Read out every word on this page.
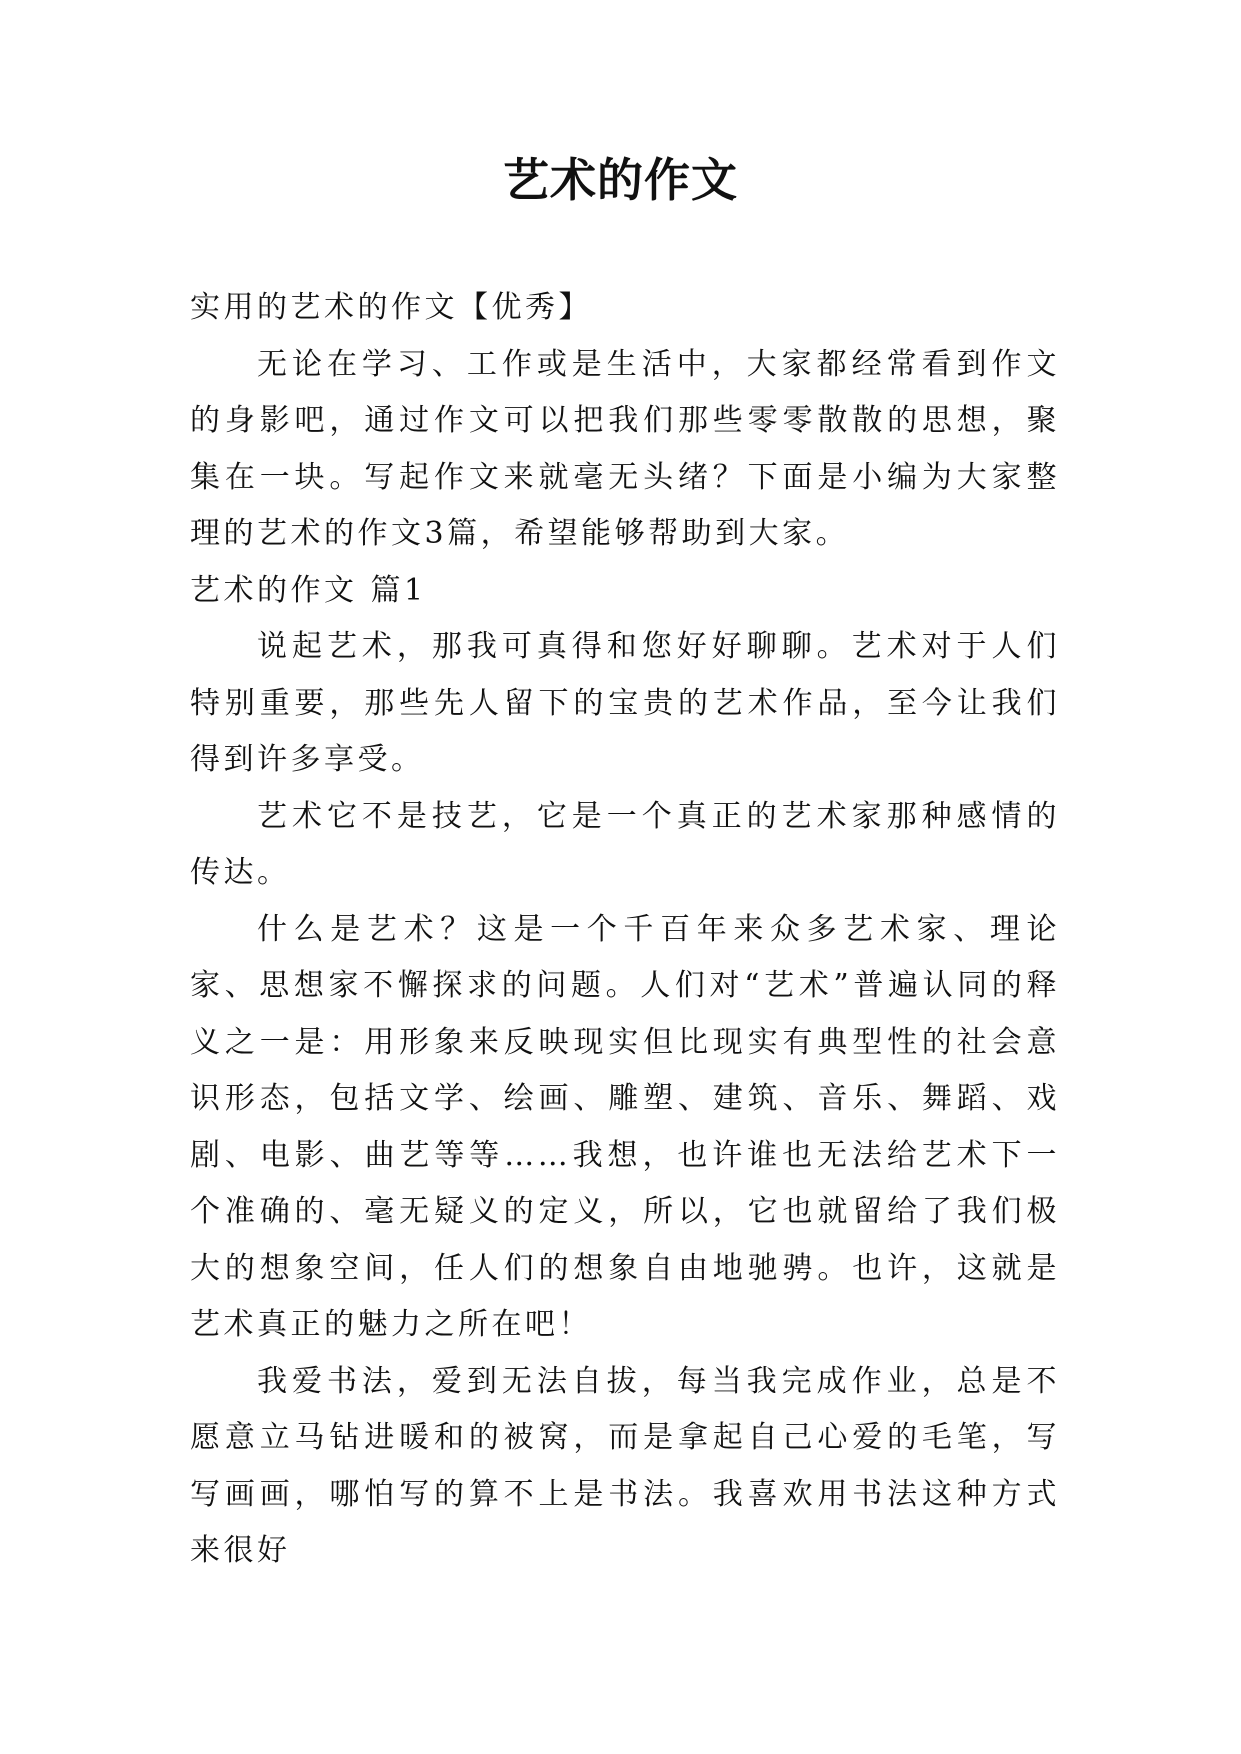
艺术的作文

实用的艺术的作文【优秀】

无论在学习、工作或是生活中，大家都经常看到作文的身影吧，通过作文可以把我们那些零零散散的思想，聚集在一块。写起作文来就毫无头绪？下面是小编为大家整理的艺术的作文3篇，希望能够帮助到大家。

艺术的作文 篇1

说起艺术，那我可真得和您好好聊聊。艺术对于人们特别重要，那些先人留下的宝贵的艺术作品，至今让我们得到许多享受。

艺术它不是技艺，它是一个真正的艺术家那种感情的传达。

什么是艺术？这是一个千百年来众多艺术家、理论家、思想家不懈探求的问题。人们对“艺术”普遍认同的释义之一是：用形象来反映现实但比现实有典型性的社会意识形态，包括文学、绘画、雕塑、建筑、音乐、舞蹈、戏剧、电影、曲艺等等……我想，也许谁也无法给艺术下一个准确的、毫无疑义的定义，所以，它也就留给了我们极大的想象空间，任人们的想象自由地驰骋。也许，这就是艺术真正的魅力之所在吧！

我爱书法，爱到无法自拔，每当我完成作业，总是不愿意立马钻进暖和的被窝，而是拿起自己心爱的毛笔，写写画画，哪怕写的算不上是书法。我喜欢用书法这种方式来很好
